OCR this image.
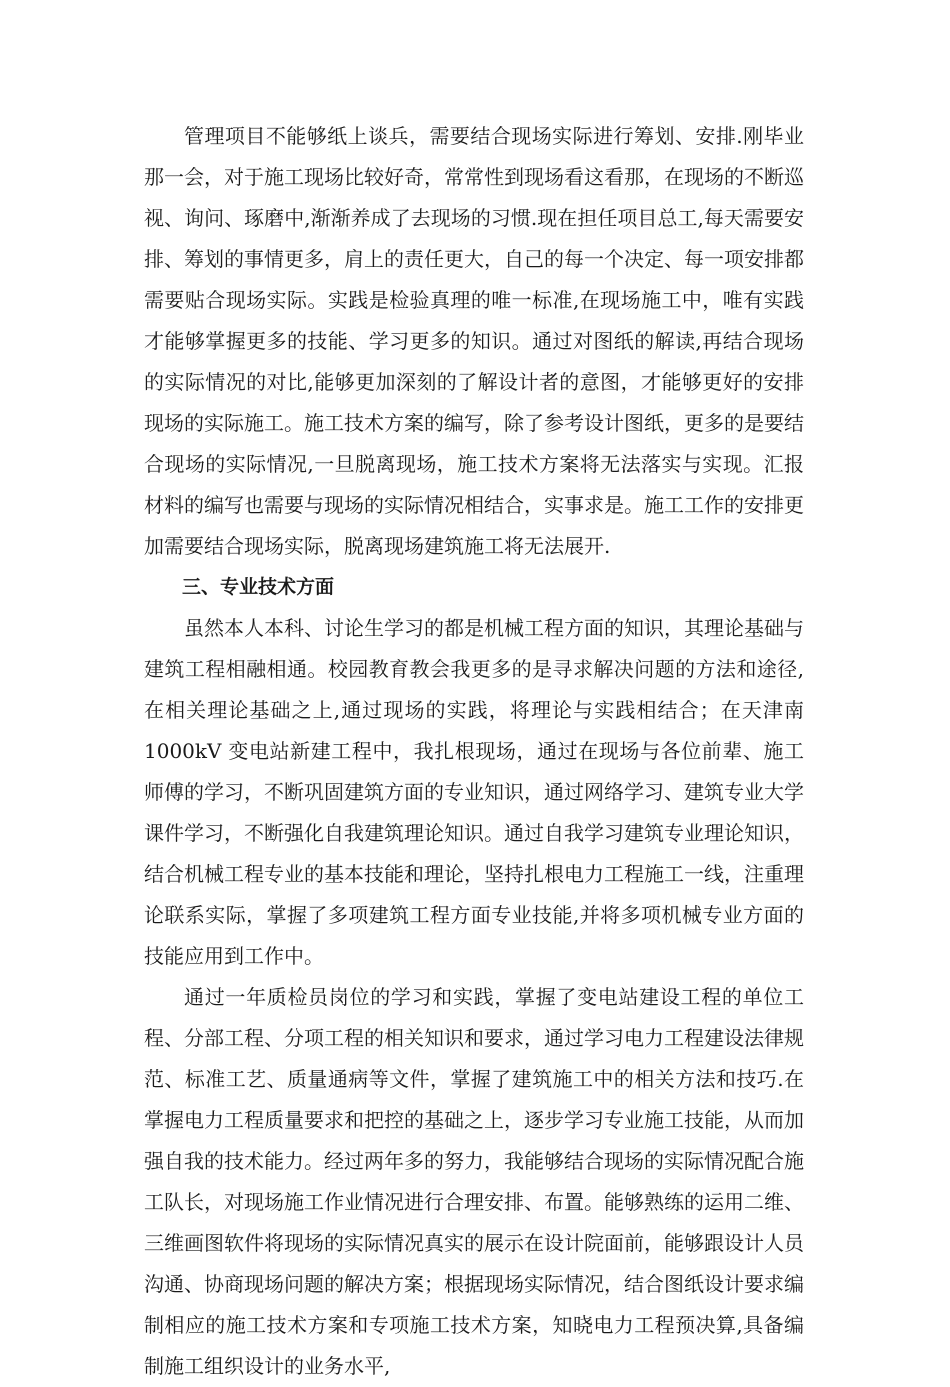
管理项目不能够纸上谈兵，需要结合现场实际进行筹划、安排.刚毕业那一会，对于施工现场比较好奇，常常性到现场看这看那，在现场的不断巡视、询问、琢磨中,渐渐养成了去现场的习惯.现在担任项目总工,每天需要安排、筹划的事情更多，肩上的责任更大，自己的每一个决定、每一项安排都需要贴合现场实际。实践是检验真理的唯一标准,在现场施工中，唯有实践才能够掌握更多的技能、学习更多的知识。通过对图纸的解读,再结合现场的实际情况的对比,能够更加深刻的了解设计者的意图，才能够更好的安排现场的实际施工。施工技术方案的编写，除了参考设计图纸，更多的是要结合现场的实际情况,一旦脱离现场，施工技术方案将无法落实与实现。汇报材料的编写也需要与现场的实际情况相结合，实事求是。施工工作的安排更加需要结合现场实际，脱离现场建筑施工将无法展开.

三、专业技术方面

虽然本人本科、讨论生学习的都是机械工程方面的知识，其理论基础与建筑工程相融相通。校园教育教会我更多的是寻求解决问题的方法和途径,在相关理论基础之上,通过现场的实践，将理论与实践相结合；在天津南 1000kV 变电站新建工程中，我扎根现场，通过在现场与各位前辈、施工师傅的学习，不断巩固建筑方面的专业知识，通过网络学习、建筑专业大学课件学习，不断强化自我建筑理论知识。通过自我学习建筑专业理论知识，结合机械工程专业的基本技能和理论，坚持扎根电力工程施工一线，注重理论联系实际，掌握了多项建筑工程方面专业技能,并将多项机械专业方面的技能应用到工作中。

通过一年质检员岗位的学习和实践，掌握了变电站建设工程的单位工程、分部工程、分项工程的相关知识和要求，通过学习电力工程建设法律规范、标准工艺、质量通病等文件，掌握了建筑施工中的相关方法和技巧.在掌握电力工程质量要求和把控的基础之上，逐步学习专业施工技能，从而加强自我的技术能力。经过两年多的努力，我能够结合现场的实际情况配合施工队长，对现场施工作业情况进行合理安排、布置。能够熟练的运用二维、三维画图软件将现场的实际情况真实的展示在设计院面前，能够跟设计人员沟通、协商现场问题的解决方案；根据现场实际情况，结合图纸设计要求编制相应的施工技术方案和专项施工技术方案，知晓电力工程预决算,具备编制施工组织设计的业务水平,
